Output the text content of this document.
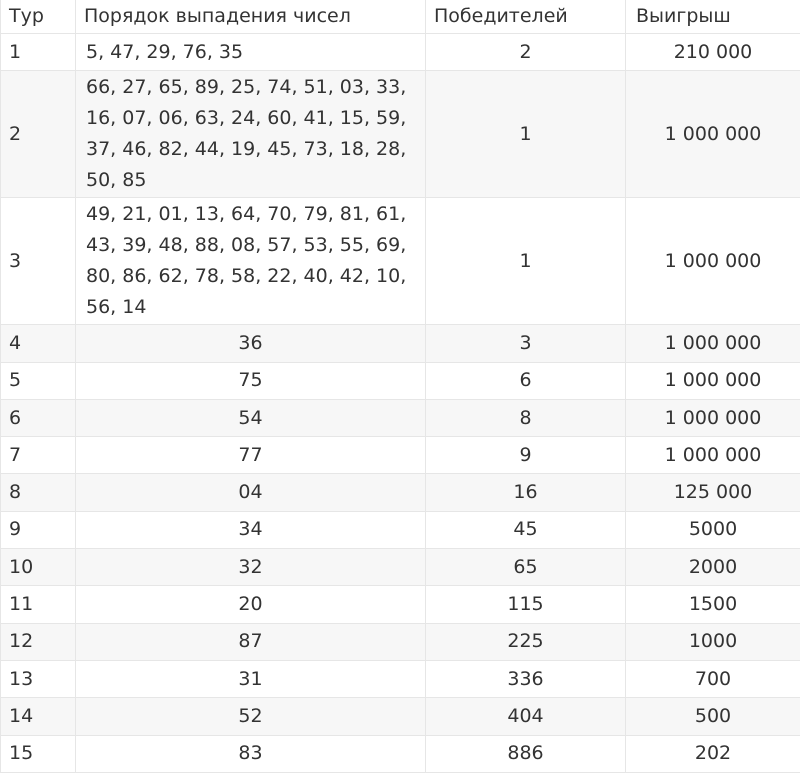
Тур	Порядок выпадения чисел	Победителей	Выигрыш
1	5, 47, 29, 76, 35	2	210 000
2	66, 27, 65, 89, 25, 74, 51, 03, 33, 16, 07, 06, 63, 24, 60, 41, 15, 59, 37, 46, 82, 44, 19, 45, 73, 18, 28, 50, 85	1	1 000 000
3	49, 21, 01, 13, 64, 70, 79, 81, 61, 43, 39, 48, 88, 08, 57, 53, 55, 69, 80, 86, 62, 78, 58, 22, 40, 42, 10, 56, 14	1	1 000 000
4	36	3	1 000 000
5	75	6	1 000 000
6	54	8	1 000 000
7	77	9	1 000 000
8	04	16	125 000
9	34	45	5000
10	32	65	2000
11	20	115	1500
12	87	225	1000
13	31	336	700
14	52	404	500
15	83	886	202
